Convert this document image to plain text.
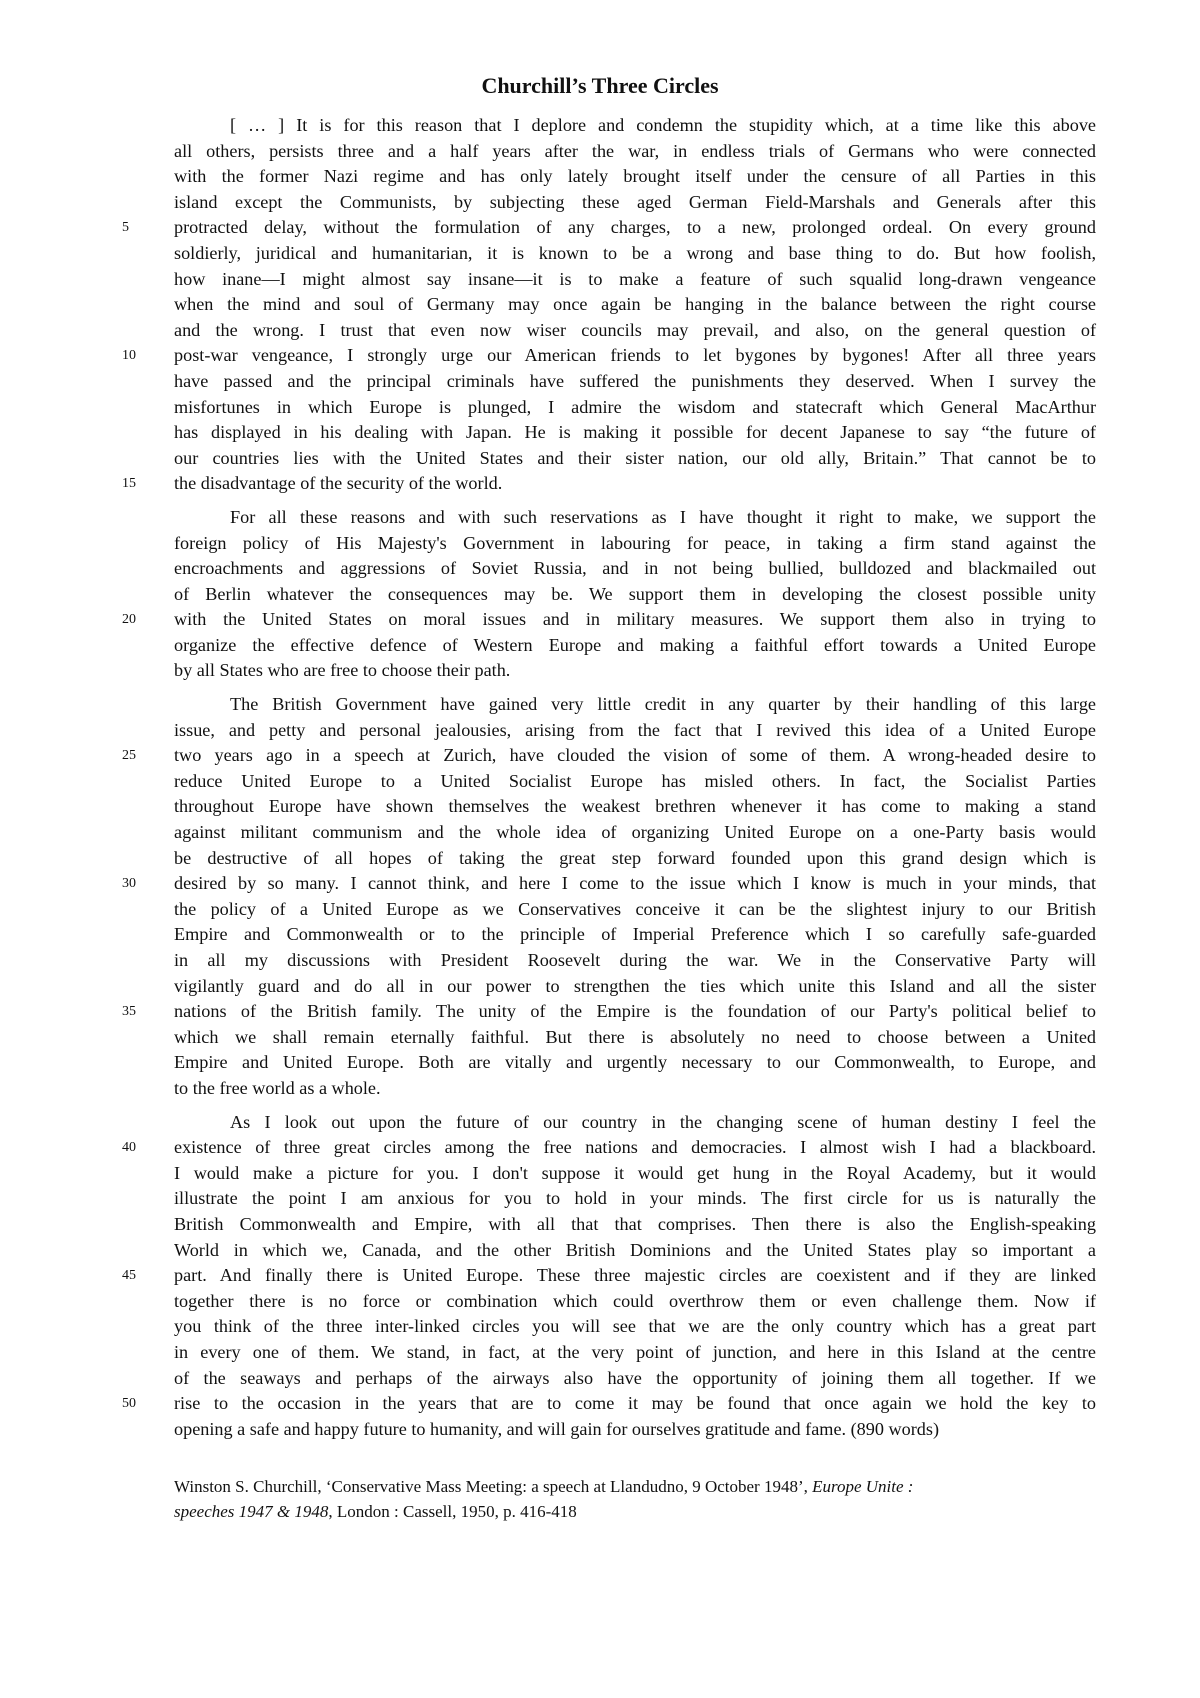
Churchill’s Three Circles
[ … ] It is for this reason that I deplore and condemn the stupidity which, at a time like this above
all others, persists three and a half years after the war, in endless trials of Germans who were connected
with the former Nazi regime and has only lately brought itself under the censure of all Parties in this
island except the Communists, by subjecting these aged German Field-Marshals and Generals after this
protracted delay, without the formulation of any charges, to a new, prolonged ordeal. On every ground
5
soldierly, juridical and humanitarian, it is known to be a wrong and base thing to do. But how foolish,
how inane—I might almost say insane—it is to make a feature of such squalid long-drawn vengeance
when the mind and soul of Germany may once again be hanging in the balance between the right course
and the wrong. I trust that even now wiser councils may prevail, and also, on the general question of
post-war vengeance, I strongly urge our American friends to let bygones by bygones! After all three years
10
have passed and the principal criminals have suffered the punishments they deserved. When I survey the
misfortunes in which Europe is plunged, I admire the wisdom and statecraft which General MacArthur
has displayed in his dealing with Japan. He is making it possible for decent Japanese to say “the future of
our countries lies with the United States and their sister nation, our old ally, Britain.” That cannot be to
the disadvantage of the security of the world.
15
For all these reasons and with such reservations as I have thought it right to make, we support the
foreign policy of His Majesty's Government in labouring for peace, in taking a firm stand against the
encroachments and aggressions of Soviet Russia, and in not being bullied, bulldozed and blackmailed out
of Berlin whatever the consequences may be. We support them in developing the closest possible unity
with the United States on moral issues and in military measures. We support them also in trying to
20
organize the effective defence of Western Europe and making a faithful effort towards a United Europe
by all States who are free to choose their path.
The British Government have gained very little credit in any quarter by their handling of this large
issue, and petty and personal jealousies, arising from the fact that I revived this idea of a United Europe
two years ago in a speech at Zurich, have clouded the vision of some of them. A wrong-headed desire to
25
reduce United Europe to a United Socialist Europe has misled others. In fact, the Socialist Parties
throughout Europe have shown themselves the weakest brethren whenever it has come to making a stand
against militant communism and the whole idea of organizing United Europe on a one-Party basis would
be destructive of all hopes of taking the great step forward founded upon this grand design which is
desired by so many. I cannot think, and here I come to the issue which I know is much in your minds, that
30
the policy of a United Europe as we Conservatives conceive it can be the slightest injury to our British
Empire and Commonwealth or to the principle of Imperial Preference which I so carefully safe-guarded
in all my discussions with President Roosevelt during the war. We in the Conservative Party will
vigilantly guard and do all in our power to strengthen the ties which unite this Island and all the sister
nations of the British family. The unity of the Empire is the foundation of our Party's political belief to
35
which we shall remain eternally faithful. But there is absolutely no need to choose between a United
Empire and United Europe. Both are vitally and urgently necessary to our Commonwealth, to Europe, and
to the free world as a whole.
As I look out upon the future of our country in the changing scene of human destiny I feel the
existence of three great circles among the free nations and democracies. I almost wish I had a blackboard.
40
I would make a picture for you. I don't suppose it would get hung in the Royal Academy, but it would
illustrate the point I am anxious for you to hold in your minds. The first circle for us is naturally the
British Commonwealth and Empire, with all that that comprises. Then there is also the English-speaking
World in which we, Canada, and the other British Dominions and the United States play so important a
part. And finally there is United Europe. These three majestic circles are coexistent and if they are linked
45
together there is no force or combination which could overthrow them or even challenge them. Now if
you think of the three inter-linked circles you will see that we are the only country which has a great part
in every one of them. We stand, in fact, at the very point of junction, and here in this Island at the centre
of the seaways and perhaps of the airways also have the opportunity of joining them all together. If we
rise to the occasion in the years that are to come it may be found that once again we hold the key to
50
opening a safe and happy future to humanity, and will gain for ourselves gratitude and fame. (890 words)
Winston S. Churchill, ‘Conservative Mass Meeting: a speech at Llandudno, 9 October 1948’, Europe Unite :
speeches 1947 & 1948, London : Cassell, 1950, p. 416-418
